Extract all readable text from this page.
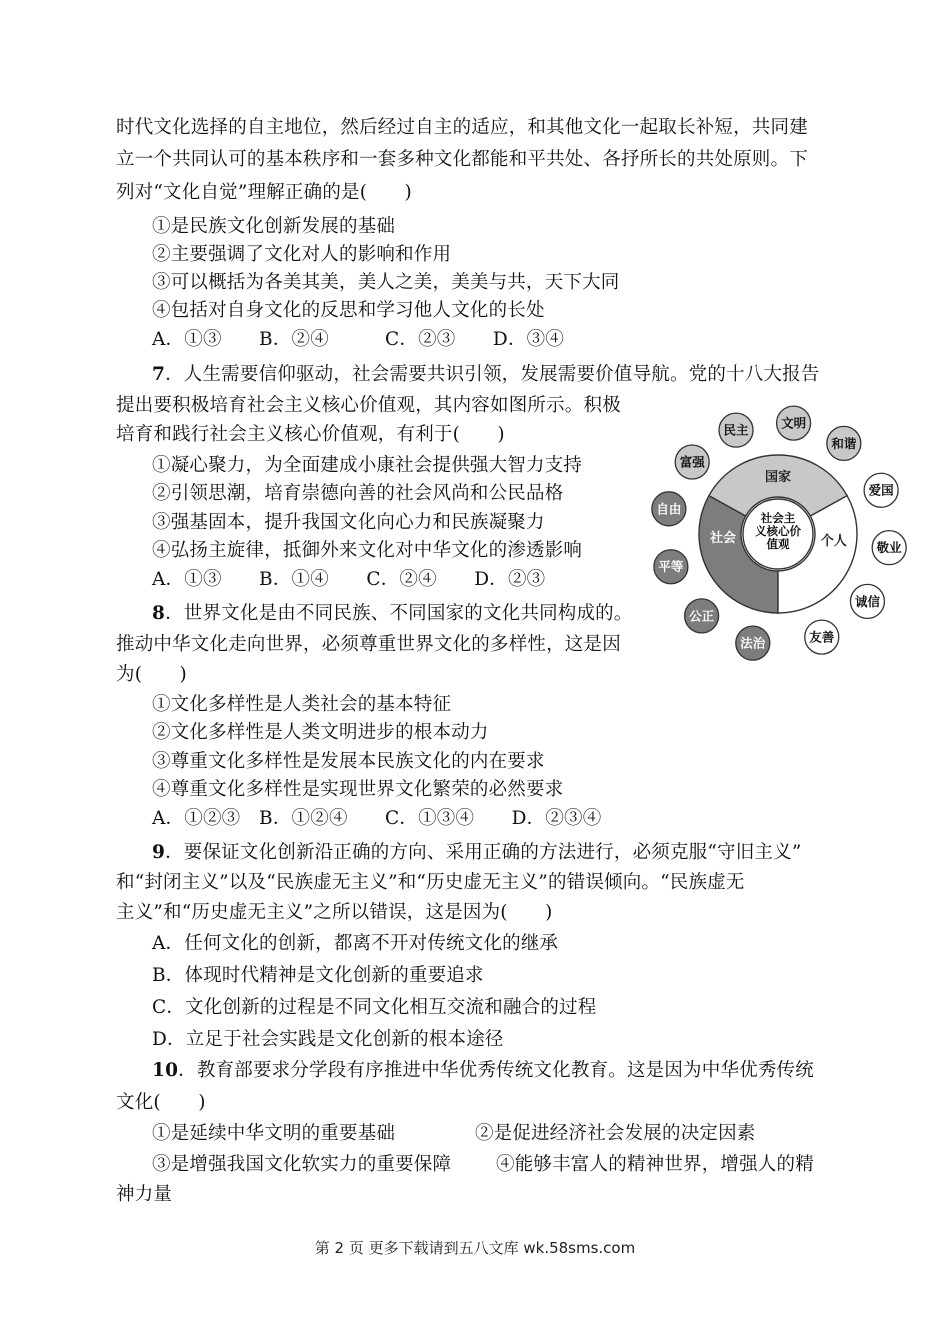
时代文化选择的自主地位，然后经过自主的适应，和其他文化一起取长补短，共同建
立一个共同认可的基本秩序和一套多种文化都能和平共处、各抒所长的共处原则。下
列对“文化自觉”理解正确的是(　　)
①是民族文化创新发展的基础
②主要强调了文化对人的影响和作用
③可以概括为各美其美，美人之美，美美与共，天下大同
④包括对自身文化的反思和学习他人文化的长处
A．①③　　B．②④　　　C．②③　　D．③④
7．人生需要信仰驱动，社会需要共识引领，发展需要价值导航。党的十八大报告
提出要积极培育社会主义核心价值观，其内容如图所示。积极
培育和践行社会主义核心价值观，有利于(　　)
①凝心聚力，为全面建成小康社会提供强大智力支持
②引领思潮，培育崇德向善的社会风尚和公民品格
③强基固本，提升我国文化向心力和民族凝聚力
④弘扬主旋律，抵御外来文化对中华文化的渗透影响
A．①③　　B．①④　　C．②④　　D．②③
8．世界文化是由不同民族、不同国家的文化共同构成的。
推动中华文化走向世界，必须尊重世界文化的多样性，这是因
为(　　)
①文化多样性是人类社会的基本特征
②文化多样性是人类文明进步的根本动力
③尊重文化多样性是发展本民族文化的内在要求
④尊重文化多样性是实现世界文化繁荣的必然要求
A．①②③　B．①②④　　C．①③④　　D．②③④
9．要保证文化创新沿正确的方向、采用正确的方法进行，必须克服“守旧主义”
和“封闭主义”以及“民族虚无主义”和“历史虚无主义”的错误倾向。“民族虚无
主义”和“历史虚无主义”之所以错误，这是因为(　　)
A．任何文化的创新，都离不开对传统文化的继承
B．体现时代精神是文化创新的重要追求
C．文化创新的过程是不同文化相互交流和融合的过程
D．立足于社会实践是文化创新的根本途径
10．教育部要求分学段有序推进中华优秀传统文化教育。这是因为中华优秀传统
文化(　　)
①是延续中华文明的重要基础	②是促进经济社会发展的决定因素
③是增强我国文化软实力的重要保障 ④能够丰富人的精神世界，增强人的精
神力量
社会主
义核心价
值观
国家
社会	个人
富强
民主	文明
和谐
爱国
敬业
诚信
友善
自由
平等
公正
法治
第 2 页 更多下载请到五八文库 wk.58sms.com
